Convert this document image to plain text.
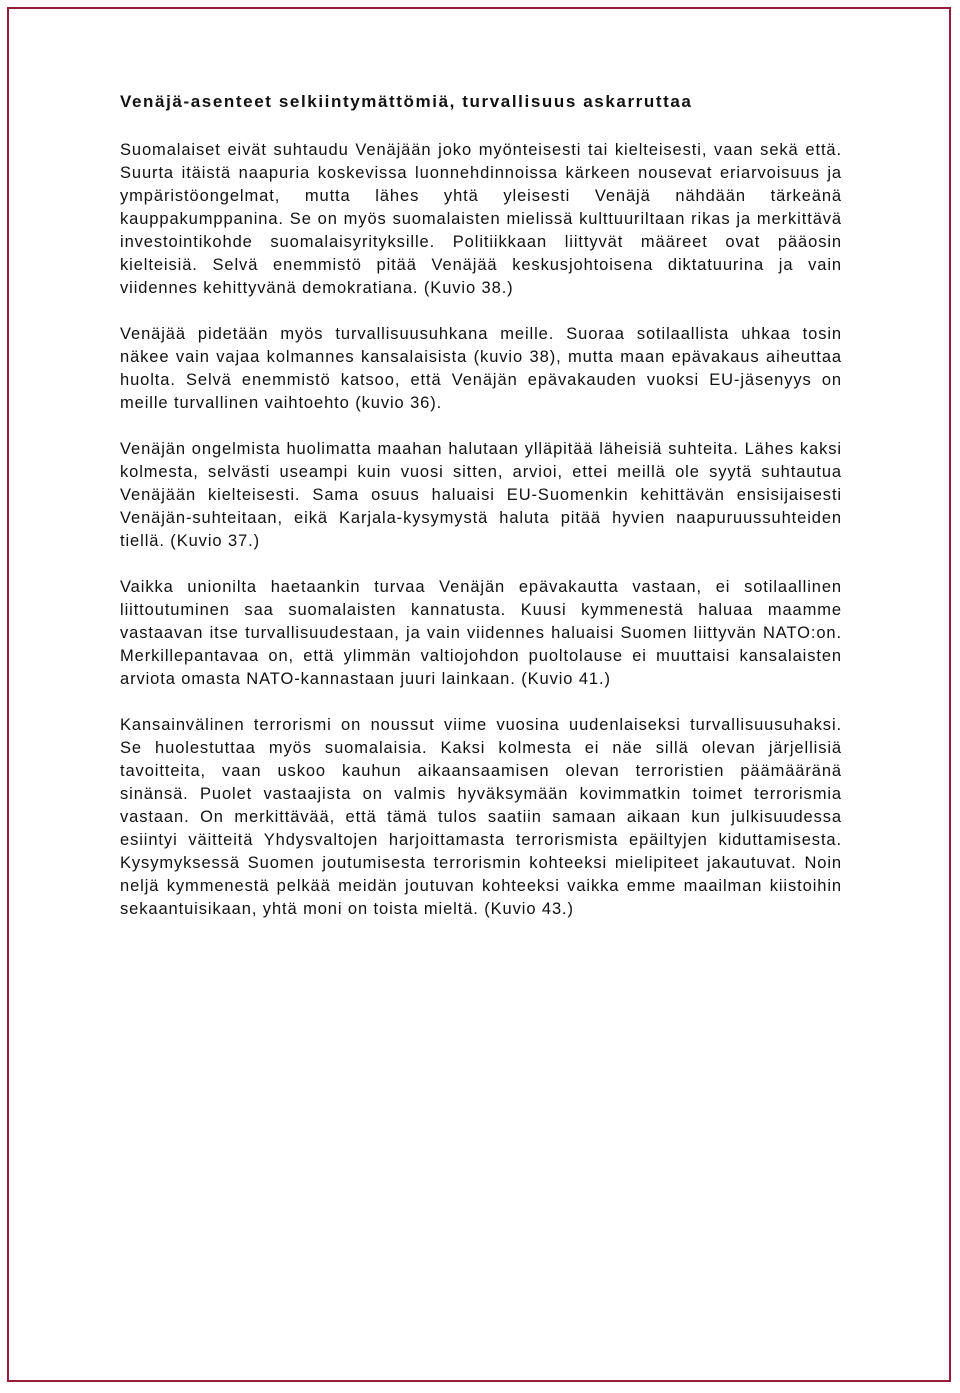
Venäjä-asenteet selkiintymättömiä, turvallisuus askarruttaa

Suomalaiset eivät suhtaudu Venäjään joko myönteisesti tai kielteisesti, vaan sekä että. Suurta itäistä naapuria koskevissa luonnehdinnoissa kärkeen nousevat eriarvoisuus ja ympäristöongelmat, mutta lähes yhtä yleisesti Venäjä nähdään tärkeänä kauppakumppanina. Se on myös suomalaisten mielissä kulttuuriltaan rikas ja merkittävä investointikohde suomalaisyrityksille. Politiikkaan liittyvät määreet ovat pääosin kielteisiä. Selvä enemmistö pitää Venäjää keskusjohtoisena diktatuurina ja vain viidennes kehittyvänä demokratiana. (Kuvio 38.)

Venäjää pidetään myös turvallisuusuhkana meille. Suoraa sotilaallista uhkaa tosin näkee vain vajaa kolmannes kansalaisista (kuvio 38), mutta maan epävakaus aiheuttaa huolta. Selvä enemmistö katsoo, että Venäjän epävakauden vuoksi EU-jäsenyys on meille turvallinen vaihtoehto (kuvio 36).

Venäjän ongelmista huolimatta maahan halutaan ylläpitää läheisiä suhteita. Lähes kaksi kolmesta, selvästi useampi kuin vuosi sitten, arvioi, ettei meillä ole syytä suhtautua Venäjään kielteisesti. Sama osuus haluaisi EU-Suomenkin kehittävän ensisijaisesti Venäjän-suhteitaan, eikä Karjala-kysymystä haluta pitää hyvien naapuruussuhteiden tiellä. (Kuvio 37.)

Vaikka unionilta haetaankin turvaa Venäjän epävakautta vastaan, ei sotilaallinen liittoutuminen saa suomalaisten kannatusta. Kuusi kymmenestä haluaa maamme vastaavan itse turvallisuudestaan, ja vain viidennes haluaisi Suomen liittyvän NATO:on. Merkillepantavaa on, että ylimmän valtiojohdon puoltolause ei muuttaisi kansalaisten arviota omasta NATO-kannastaan juuri lainkaan. (Kuvio 41.)

Kansainvälinen terrorismi on noussut viime vuosina uudenlaiseksi turvallisuusuhaksi. Se huolestuttaa myös suomalaisia. Kaksi kolmesta ei näe sillä olevan järjellisiä tavoitteita, vaan uskoo kauhun aikaansaamisen olevan terroristien päämääränä sinänsä. Puolet vastaajista on valmis hyväksymään kovimmatkin toimet terrorismia vastaan. On merkittävää, että tämä tulos saatiin samaan aikaan kun julkisuudessa esiintyi väitteitä Yhdysvaltojen harjoittamasta terrorismista epäiltyjen kiduttamisesta. Kysymyksessä Suomen joutumisesta terrorismin kohteeksi mielipiteet jakautuvat. Noin neljä kymmenestä pelkää meidän joutuvan kohteeksi vaikka emme maailman kiistoihin sekaantuisikaan, yhtä moni on toista mieltä. (Kuvio 43.)
